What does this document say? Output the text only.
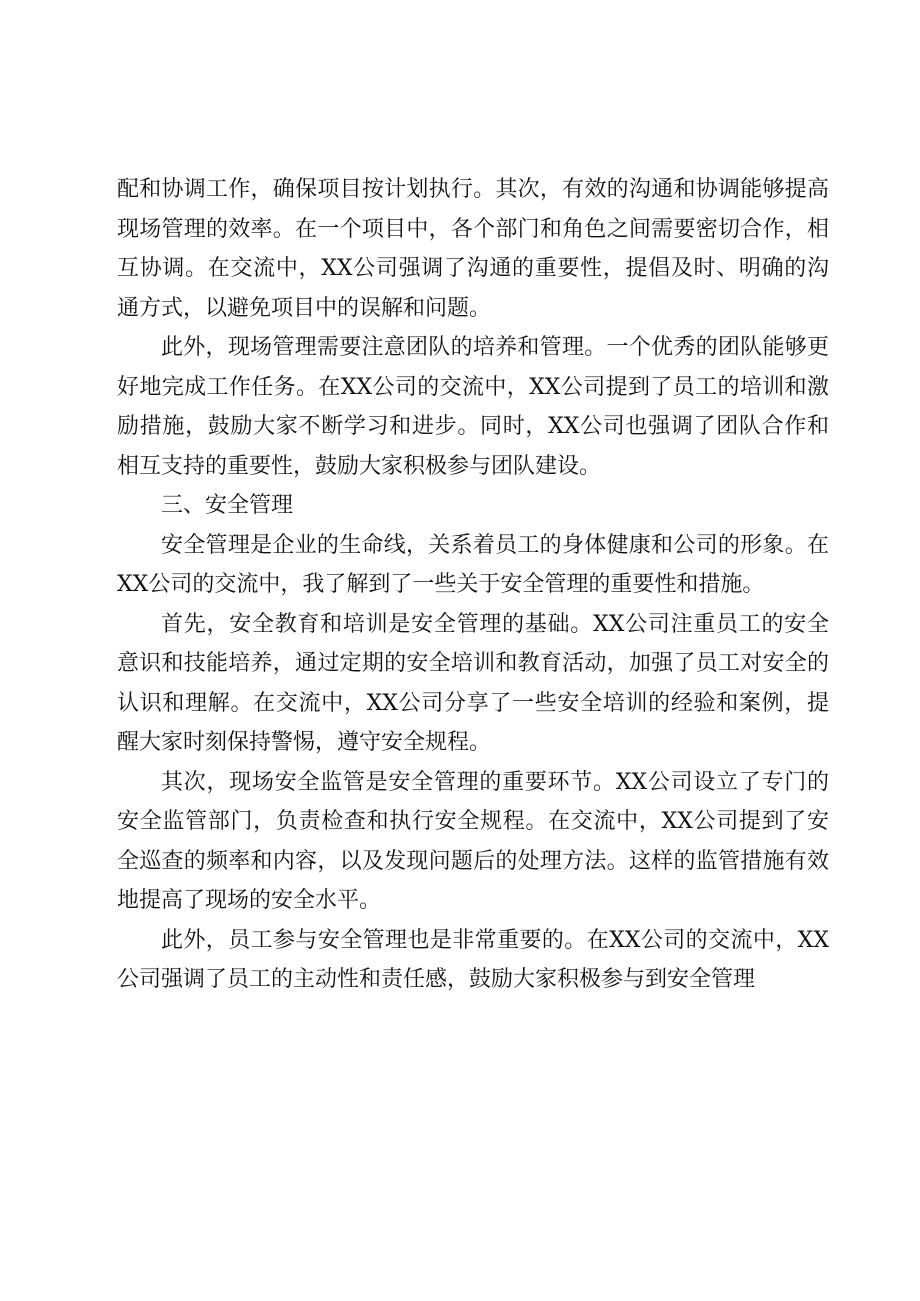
配和协调工作，确保项目按计划执行。其次，有效的沟通和协调能够提高现场管理的效率。在一个项目中，各个部门和角色之间需要密切合作，相互协调。在交流中，XX公司强调了沟通的重要性，提倡及时、明确的沟通方式，以避免项目中的误解和问题。

此外，现场管理需要注意团队的培养和管理。一个优秀的团队能够更好地完成工作任务。在XX公司的交流中，XX公司提到了员工的培训和激励措施，鼓励大家不断学习和进步。同时，XX公司也强调了团队合作和相互支持的重要性，鼓励大家积极参与团队建设。

三、安全管理

安全管理是企业的生命线，关系着员工的身体健康和公司的形象。在XX公司的交流中，我了解到了一些关于安全管理的重要性和措施。

首先，安全教育和培训是安全管理的基础。XX公司注重员工的安全意识和技能培养，通过定期的安全培训和教育活动，加强了员工对安全的认识和理解。在交流中，XX公司分享了一些安全培训的经验和案例，提醒大家时刻保持警惕，遵守安全规程。

其次，现场安全监管是安全管理的重要环节。XX公司设立了专门的安全监管部门，负责检查和执行安全规程。在交流中，XX公司提到了安全巡查的频率和内容，以及发现问题后的处理方法。这样的监管措施有效地提高了现场的安全水平。

此外，员工参与安全管理也是非常重要的。在XX公司的交流中，XX公司强调了员工的主动性和责任感，鼓励大家积极参与到安全管理
